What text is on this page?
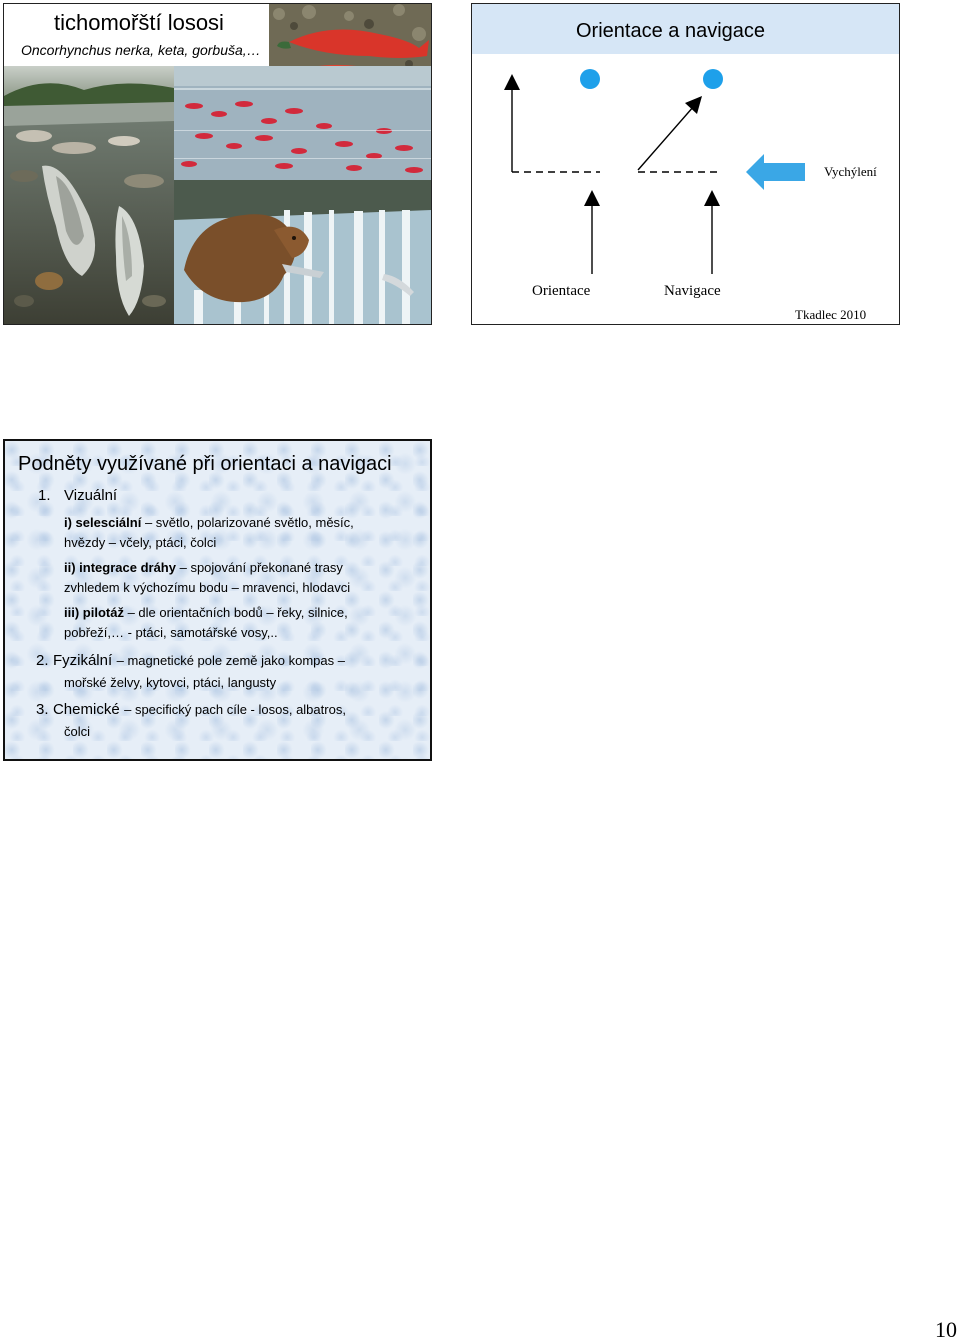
tichomořští lososi
Oncorhynchus nerka, keta, gorbuša,…
Orientace a navigace
Orientace	Navigace
Vychýlení
Tkadlec 2010
Podněty využívané při orientaci a navigaci
1. Vizuální
i) selesciální – světlo, polarizované světlo, měsíc,
hvězdy – včely, ptáci, čolci
ii) integrace dráhy – spojování překonané trasy
zvhledem k výchozímu bodu – mravenci, hlodavci
iii) pilotáž – dle orientačních bodů – řeky, silnice,
pobřeží,… - ptáci, samotářské vosy,..
2. Fyzikální – magnetické pole země jako kompas –
mořské želvy, kytovci, ptáci, langusty
3. Chemické – specifický pach cíle - losos, albatros,
čolci
10
